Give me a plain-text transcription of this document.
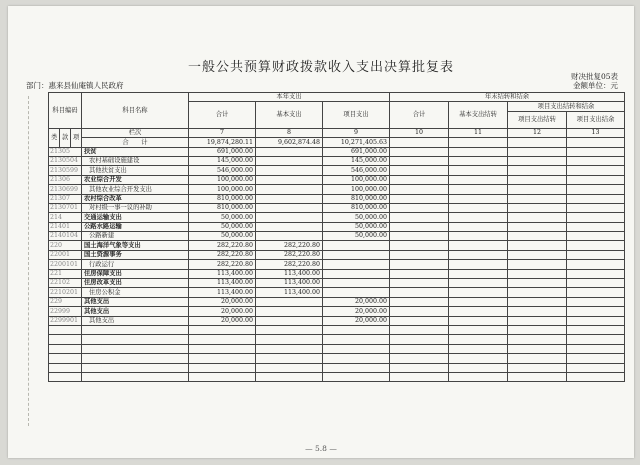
一般公共预算财政拨款收入支出决算批复表
财决批复05表
部门：惠来县仙庵镇人民政府	金额单位：元
科目编码			科目名称	本年支出			年末结转和结余			
				合计	基本支出	项目支出	合计	基本支出结转	项目支出结转和结余	
									项目支出结转	项目支出结余
类	款	项	栏次	7	8	9	10	11	12	13
			合　　计	19,874,280.11	9,602,874.48	10,271,405.63				
21305			扶贫	691,000.00		691,000.00				
2130504			农村基础设施建设	145,000.00		145,000.00				
2130599			其他扶贫支出	546,000.00		546,000.00				
21306			农业综合开发	100,000.00		100,000.00				
2130699			其他农业综合开发支出	100,000.00		100,000.00				
21307			农村综合改革	810,000.00		810,000.00				
2130701			对村级一事一议的补助	810,000.00		810,000.00				
214			交通运输支出	50,000.00		50,000.00				
21401			公路水路运输	50,000.00		50,000.00				
2140104			公路新建	50,000.00		50,000.00				
220			国土海洋气象等支出	282,220.80	282,220.80					
22001			国土资源事务	282,220.80	282,220.80					
2200101			行政运行	282,220.80	282,220.80					
221			住房保障支出	113,400.00	113,400.00					
22102			住房改革支出	113,400.00	113,400.00					
2210201			住房公积金	113,400.00	113,400.00					
229			其他支出	20,000.00		20,000.00				
22999			其他支出	20,000.00		20,000.00				
2299901			其他支出	20,000.00		20,000.00				

— 5.8 —
